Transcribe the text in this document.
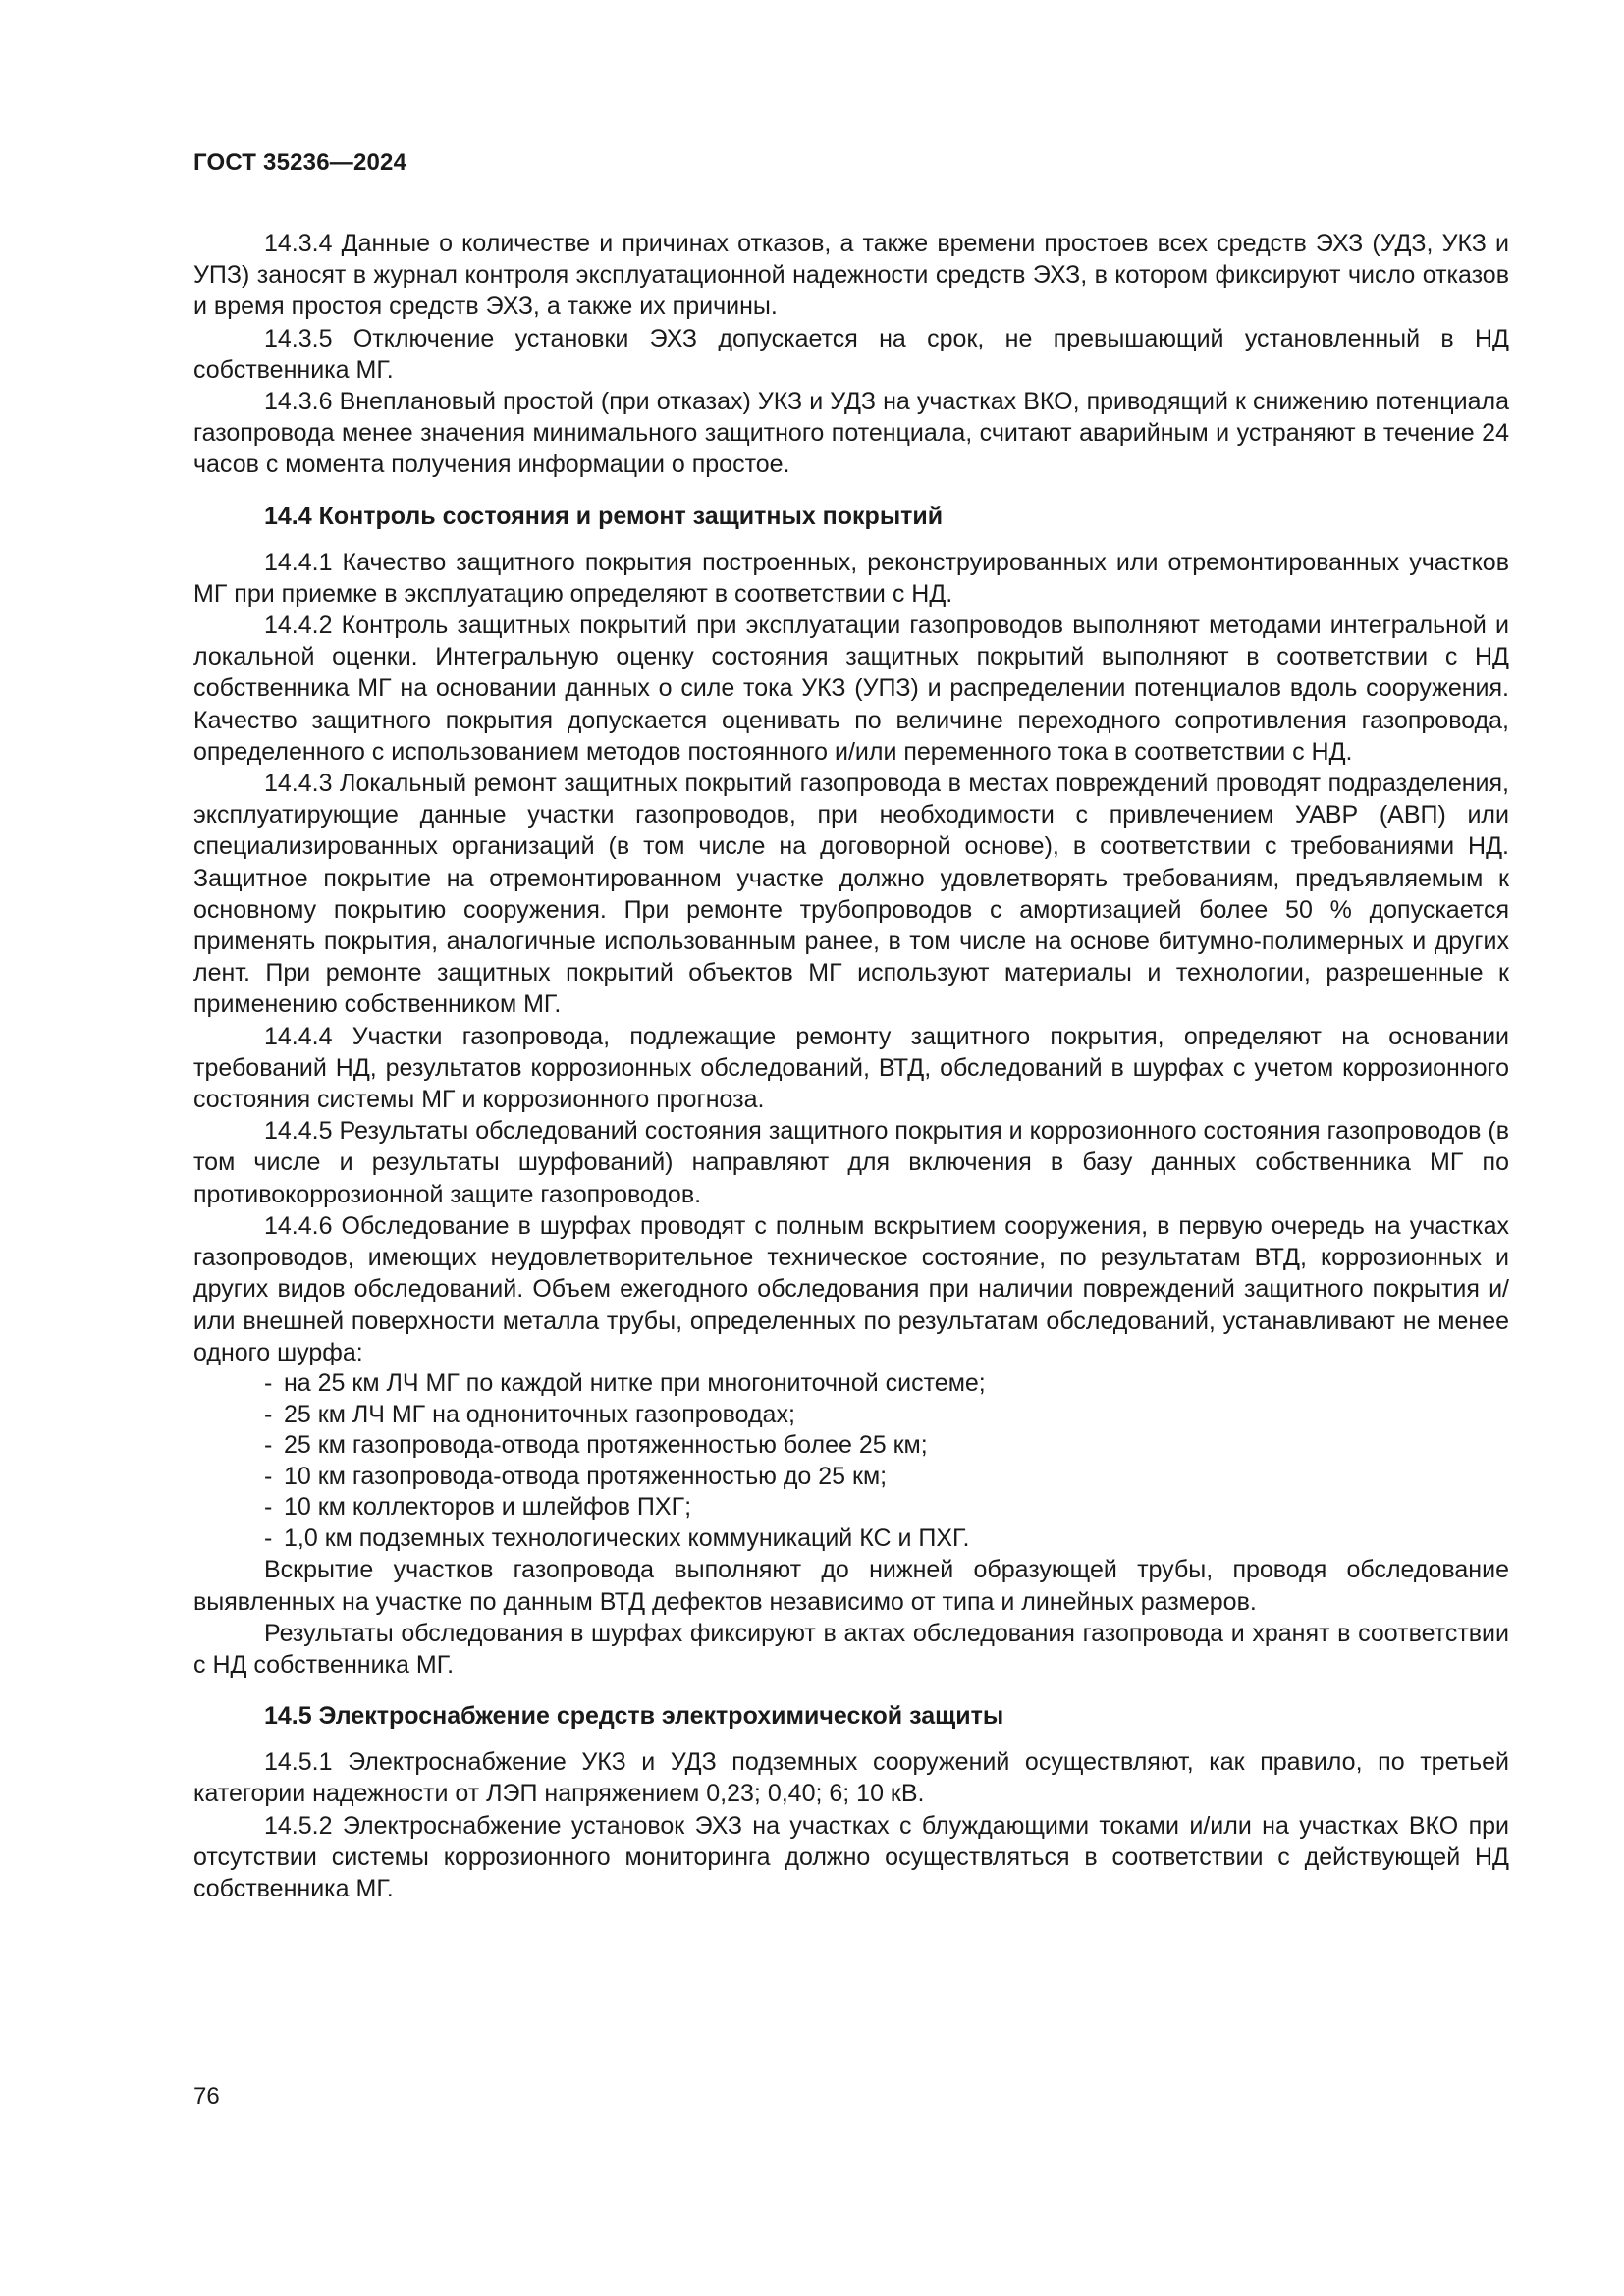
ГОСТ 35236—2024

14.3.4 Данные о количестве и причинах отказов, а также времени простоев всех средств ЭХЗ (УДЗ, УКЗ и УПЗ) заносят в журнал контроля эксплуатационной надежности средств ЭХЗ, в котором фиксируют число отказов и время простоя средств ЭХЗ, а также их причины.

14.3.5 Отключение установки ЭХЗ допускается на срок, не превышающий установленный в НД собственника МГ.

14.3.6 Внеплановый простой (при отказах) УКЗ и УДЗ на участках ВКО, приводящий к снижению потенциала газопровода менее значения минимального защитного потенциала, считают аварийным и устраняют в течение 24 часов с момента получения информации о простое.

14.4 Контроль состояния и ремонт защитных покрытий

14.4.1 Качество защитного покрытия построенных, реконструированных или отремонтированных участков МГ при приемке в эксплуатацию определяют в соответствии с НД.

14.4.2 Контроль защитных покрытий при эксплуатации газопроводов выполняют методами интегральной и локальной оценки. Интегральную оценку состояния защитных покрытий выполняют в соответствии с НД собственника МГ на основании данных о силе тока УКЗ (УПЗ) и распределении потенциалов вдоль сооружения. Качество защитного покрытия допускается оценивать по величине переходного сопротивления газопровода, определенного с использованием методов постоянного и/или переменного тока в соответствии с НД.

14.4.3 Локальный ремонт защитных покрытий газопровода в местах повреждений проводят подразделения, эксплуатирующие данные участки газопроводов, при необходимости с привлечением УАВР (АВП) или специализированных организаций (в том числе на договорной основе), в соответствии с требованиями НД. Защитное покрытие на отремонтированном участке должно удовлетворять требованиям, предъявляемым к основному покрытию сооружения. При ремонте трубопроводов с амортизацией более 50 % допускается применять покрытия, аналогичные использованным ранее, в том числе на основе битумно-полимерных и других лент. При ремонте защитных покрытий объектов МГ используют материалы и технологии, разрешенные к применению собственником МГ.

14.4.4 Участки газопровода, подлежащие ремонту защитного покрытия, определяют на основании требований НД, результатов коррозионных обследований, ВТД, обследований в шурфах с учетом коррозионного состояния системы МГ и коррозионного прогноза.

14.4.5 Результаты обследований состояния защитного покрытия и коррозионного состояния газопроводов (в том числе и результаты шурфований) направляют для включения в базу данных собственника МГ по противокоррозионной защите газопроводов.

14.4.6 Обследование в шурфах проводят с полным вскрытием сооружения, в первую очередь на участках газопроводов, имеющих неудовлетворительное техническое состояние, по результатам ВТД, коррозионных и других видов обследований. Объем ежегодного обследования при наличии повреждений защитного покрытия и/или внешней поверхности металла трубы, определенных по результатам обследований, устанавливают не менее одного шурфа:

- на 25 км ЛЧ МГ по каждой нитке при многониточной системе;
- 25 км ЛЧ МГ на однониточных газопроводах;
- 25 км газопровода-отвода протяженностью более 25 км;
- 10 км газопровода-отвода протяженностью до 25 км;
- 10 км коллекторов и шлейфов ПХГ;
- 1,0 км подземных технологических коммуникаций КС и ПХГ.

Вскрытие участков газопровода выполняют до нижней образующей трубы, проводя обследование выявленных на участке по данным ВТД дефектов независимо от типа и линейных размеров.

Результаты обследования в шурфах фиксируют в актах обследования газопровода и хранят в соответствии с НД собственника МГ.

14.5 Электроснабжение средств электрохимической защиты

14.5.1 Электроснабжение УКЗ и УДЗ подземных сооружений осуществляют, как правило, по третьей категории надежности от ЛЭП напряжением 0,23; 0,40; 6; 10 кВ.

14.5.2 Электроснабжение установок ЭХЗ на участках с блуждающими токами и/или на участках ВКО при отсутствии системы коррозионного мониторинга должно осуществляться в соответствии с действующей НД собственника МГ.

76
